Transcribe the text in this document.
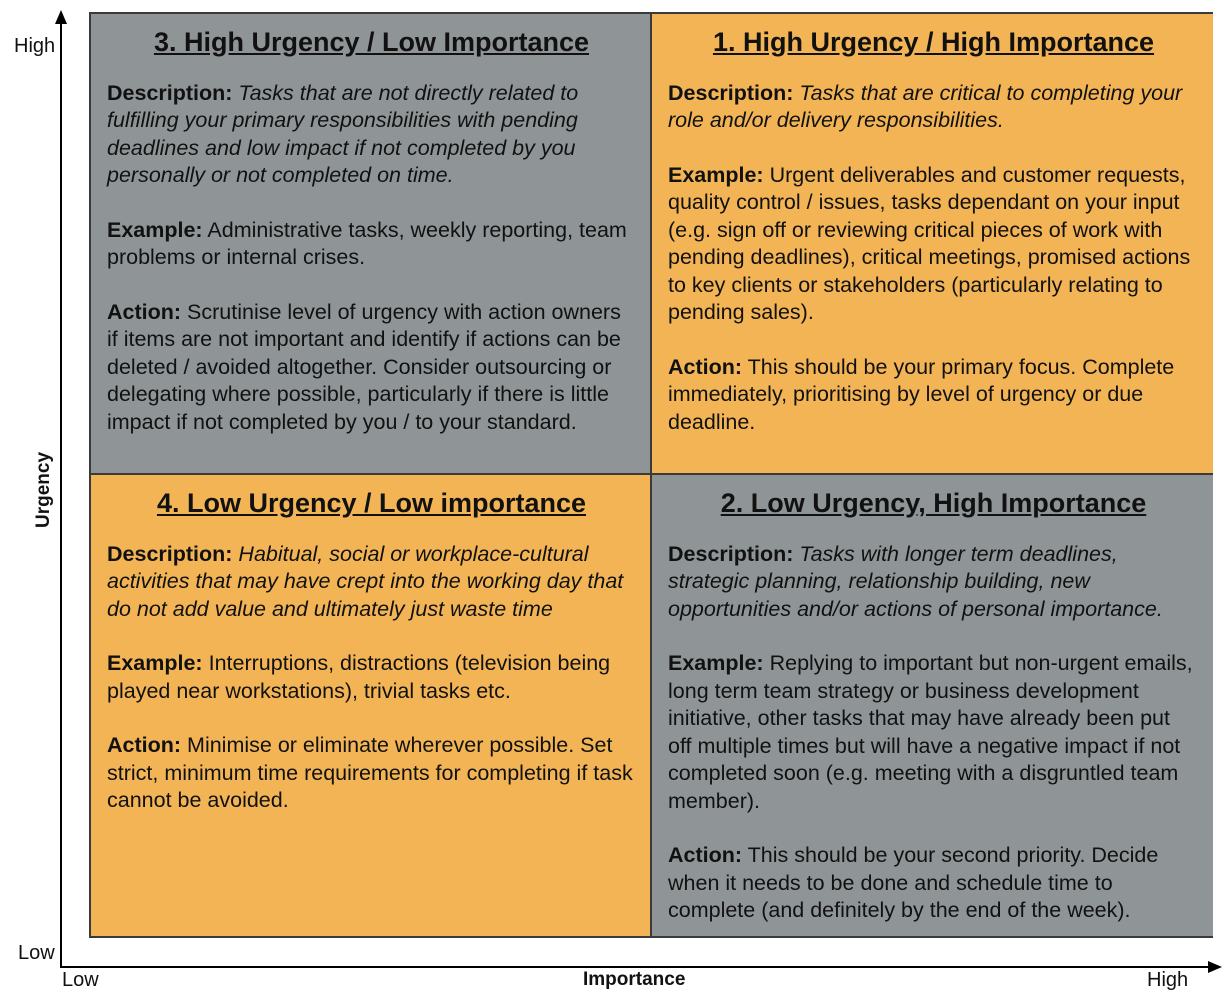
High
Low
Urgency
Low	Importance	High
3. High Urgency / Low Importance

Description: Tasks that are not directly related to fulfilling your primary responsibilities with pending deadlines and low impact if not completed by you personally or not completed on time.

Example: Administrative tasks, weekly reporting, team problems or internal crises.

Action: Scrutinise level of urgency with action owners if items are not important and identify if actions can be deleted / avoided altogether. Consider outsourcing or delegating where possible, particularly if there is little impact if not completed by you / to your standard.

1. High Urgency / High Importance

Description: Tasks that are critical to completing your role and/or delivery responsibilities.

Example: Urgent deliverables and customer requests, quality control / issues, tasks dependant on your input (e.g. sign off or reviewing critical pieces of work with pending deadlines), critical meetings, promised actions to key clients or stakeholders (particularly relating to pending sales).

Action: This should be your primary focus. Complete immediately, prioritising by level of urgency or due deadline.

4. Low Urgency / Low importance

Description: Habitual, social or workplace-cultural activities that may have crept into the working day that do not add value and ultimately just waste time

Example: Interruptions, distractions (television being played near workstations), trivial tasks etc.

Action: Minimise or eliminate wherever possible. Set strict, minimum time requirements for completing if task cannot be avoided.

2. Low Urgency, High Importance

Description: Tasks with longer term deadlines, strategic planning, relationship building, new opportunities and/or actions of personal importance.

Example: Replying to important but non-urgent emails, long term team strategy or business development initiative, other tasks that may have already been put off multiple times but will have a negative impact if not completed soon (e.g. meeting with a disgruntled team member).

Action: This should be your second priority. Decide when it needs to be done and schedule time to complete (and definitely by the end of the week).
